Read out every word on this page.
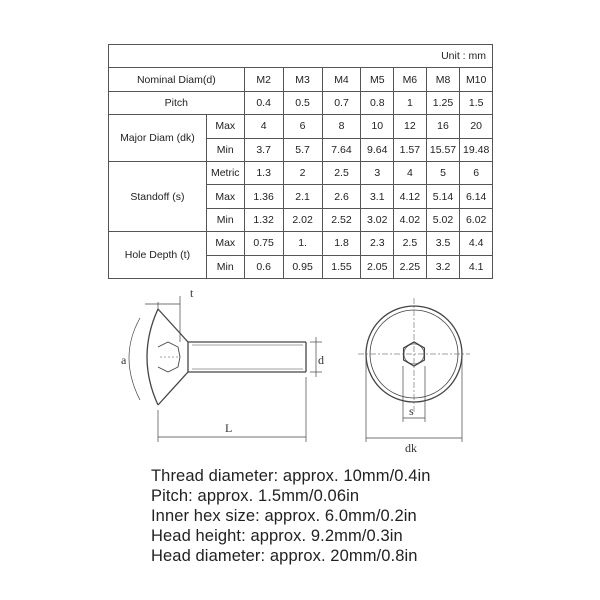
Unit : mm								
Nominal Diam(d)		M2	M3	M4	M5	M6	M8	M10
Pitch		0.4	0.5	0.7	0.8	1	1.25	1.5
Major Diam (dk)	Max	4	6	8	10	12	16	20
	Min	3.7	5.7	7.64	9.64	1.57	15.57	19.48
Standoff (s)	Metric	1.3	2	2.5	3	4	5	6
	Max	1.36	2.1	2.6	3.1	4.12	5.14	6.14
	Min	1.32	2.02	2.52	3.02	4.02	5.02	6.02
Hole Depth (t)	Max	0.75	1.	1.8	2.3	2.5	3.5	4.4
	Min	0.6	0.95	1.55	2.05	2.25	3.2	4.1
t
a	d
L
s
dk
Thread diameter: approx. 10mm/0.4in
Pitch: approx. 1.5mm/0.06in
Inner hex size: approx. 6.0mm/0.2in
Head height: approx. 9.2mm/0.3in
Head diameter: approx. 20mm/0.8in
